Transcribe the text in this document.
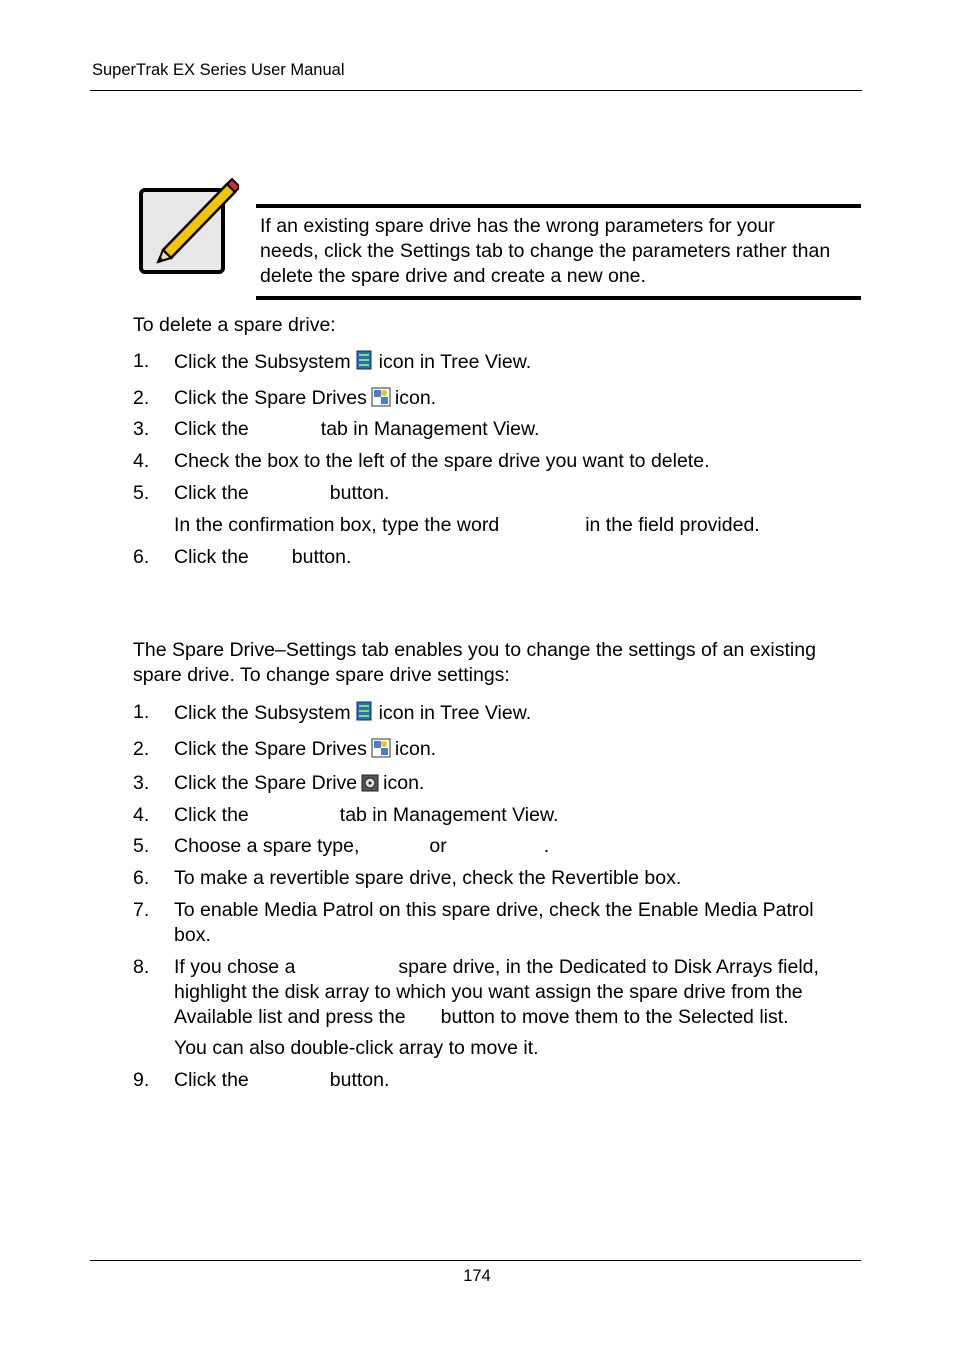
SuperTrak EX Series User Manual
If an existing spare drive has the wrong parameters for your
needs, click the Settings tab to change the parameters rather than
delete the spare drive and create a new one.
To delete a spare drive:
1. Click the Subsystem icon in Tree View.
2. Click the Spare Drives icon.
3. Click the	tab in Management View.
4. Check the box to the left of the spare drive you want to delete.
5. Click the	button.
In the confirmation box, type the word	in the field provided.
6. Click the button.
The Spare Drive–Settings tab enables you to change the settings of an existing
spare drive. To change spare drive settings:
1. Click the Subsystem icon in Tree View.
2. Click the Spare Drives icon.
3. Click the Spare Drive icon.
4. Click the	tab in Management View.
5. Choose a spare type,	or	.
6. To make a revertible spare drive, check the Revertible box.
7. To enable Media Patrol on this spare drive, check the Enable Media Patrol
box.
8. If you chose a	spare drive, in the Dedicated to Disk Arrays field,
highlight the disk array to which you want assign the spare drive from the
Available list and press the button to move them to the Selected list.
You can also double-click array to move it.
9. Click the	button.
174
